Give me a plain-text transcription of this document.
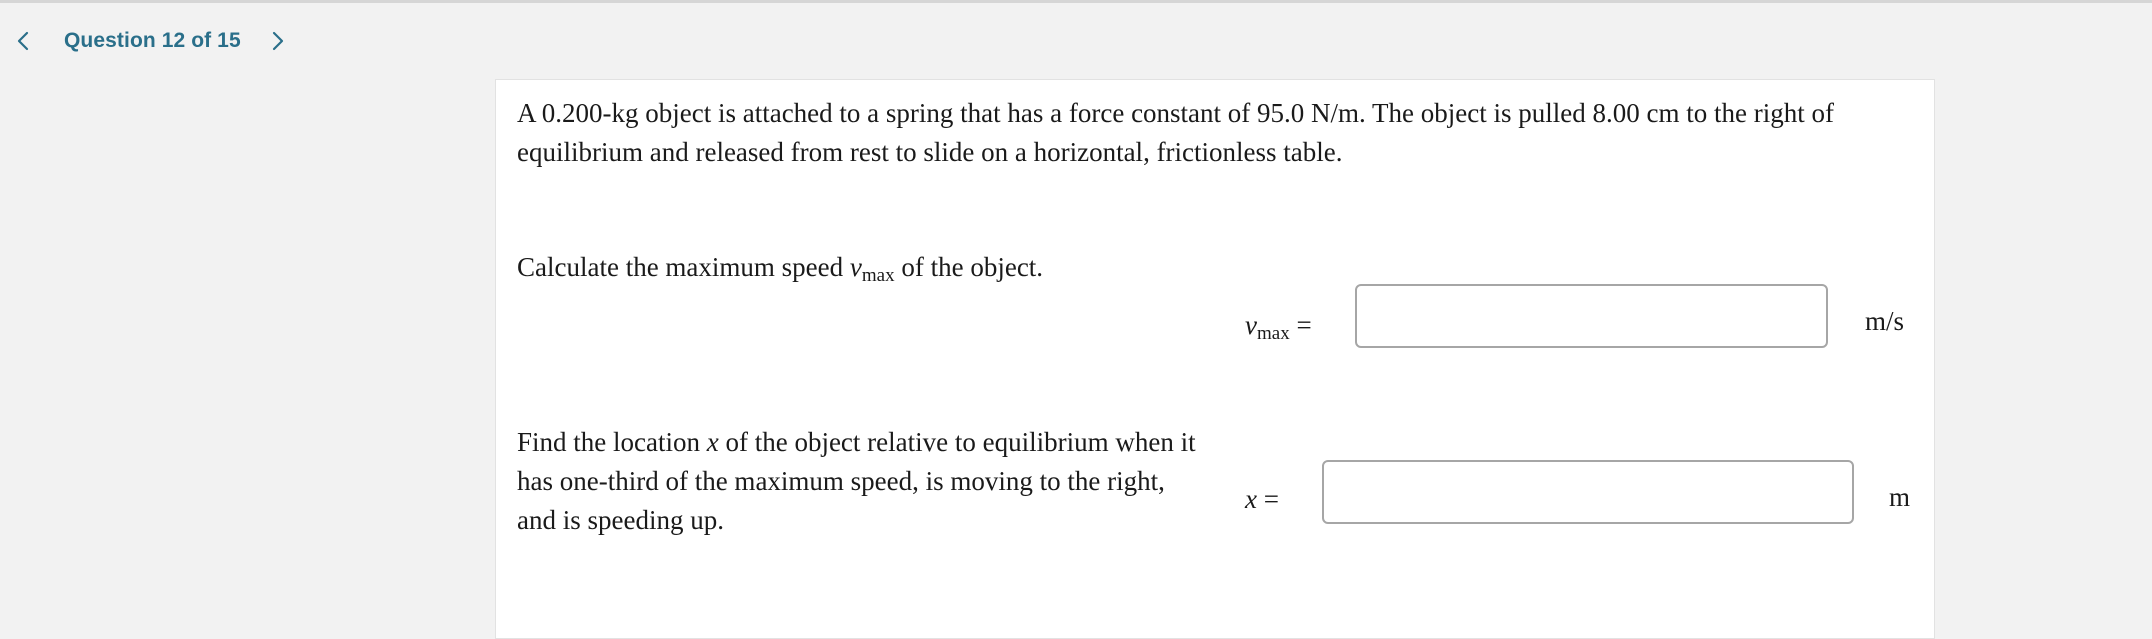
Question 12 of 15
A 0.200-kg object is attached to a spring that has a force constant of 95.0 N/m. The object is pulled 8.00 cm to the right of equilibrium and released from rest to slide on a horizontal, frictionless table.
Calculate the maximum speed $v_{max}$ of the object.
$v_{max}$ =	m/s
Find the location x of the object relative to equilibrium when it has one-third of the maximum speed, is moving to the right, and is speeding up.
x =	m
